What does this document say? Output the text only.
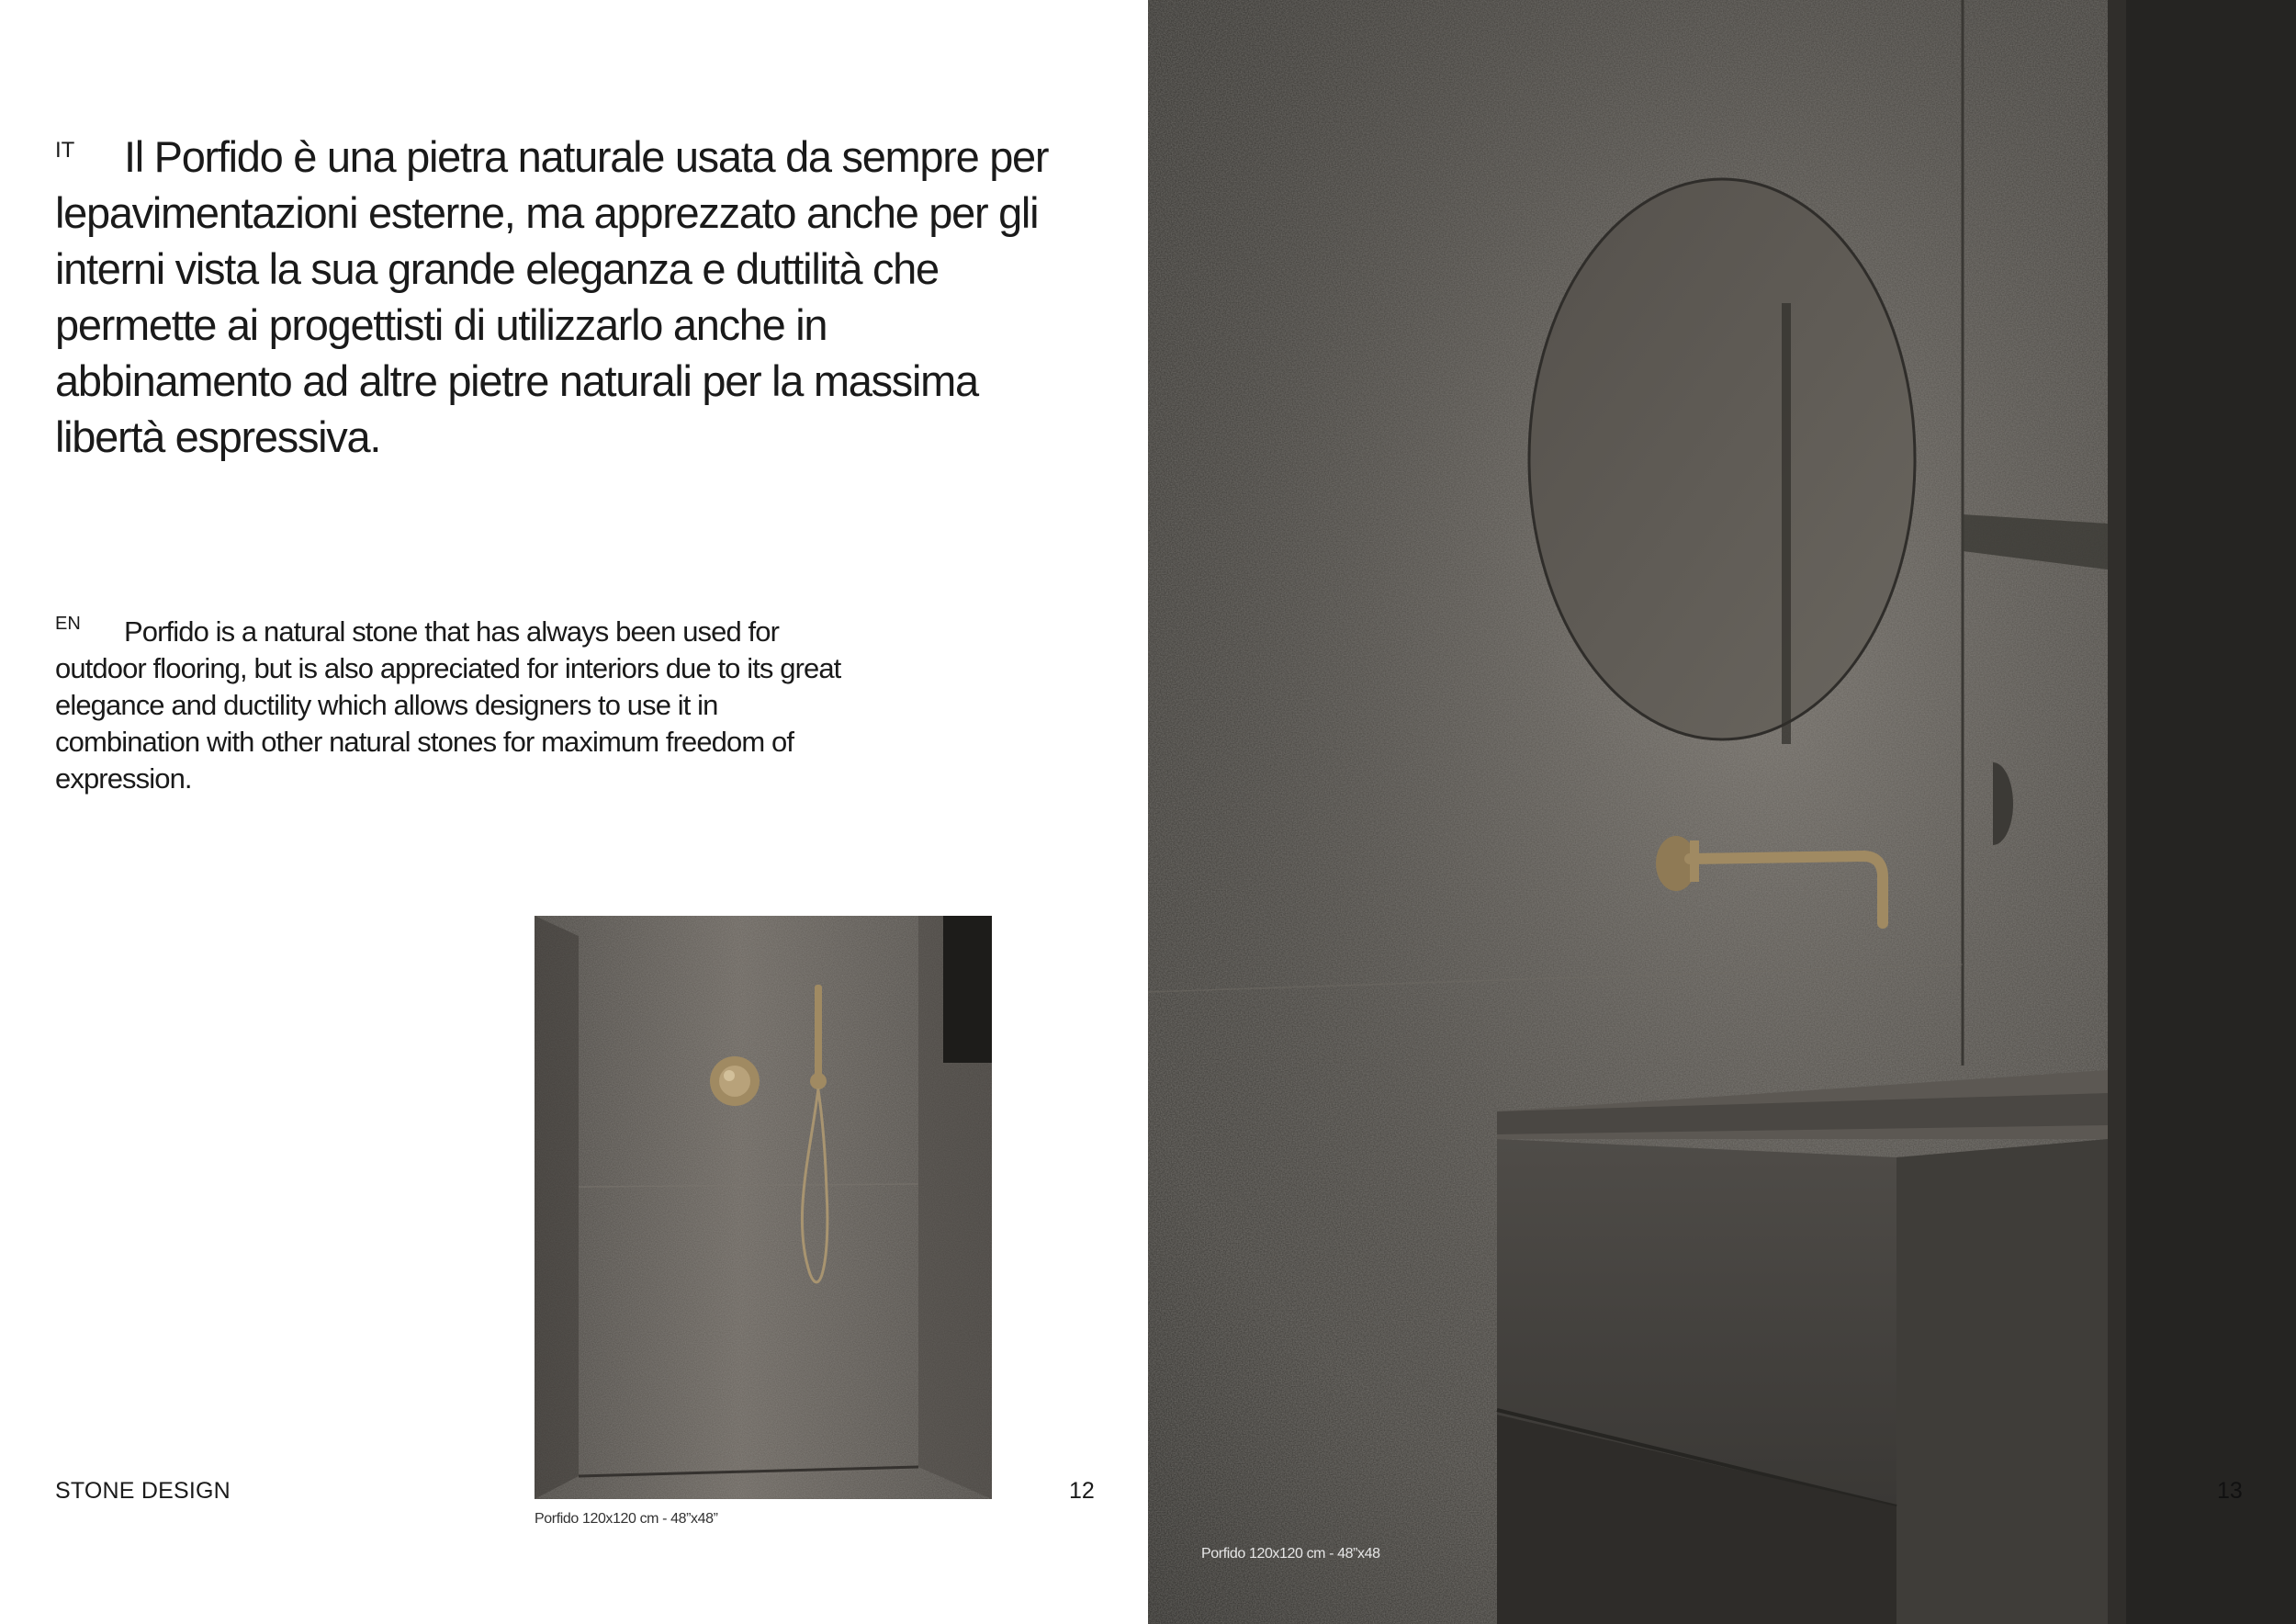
IT	Il Porfido è una pietra naturale usata da sempre per lepavimentazioni esterne, ma apprezzato anche per gli interni vista la sua grande eleganza e duttilità che permette ai progettisti di utilizzarlo anche in abbinamento ad altre pietre naturali per la massima libertà espressiva.

EN	Porfido is a natural stone that has always been used for outdoor flooring, but is also appreciated for interiors due to its great elegance and ductility which allows designers to use it in combination with other natural stones for maximum freedom of expression.

Porfido 120x120 cm - 48”x48”
STONE DESIGN	12
Porfido 120x120 cm - 48”x48
13
